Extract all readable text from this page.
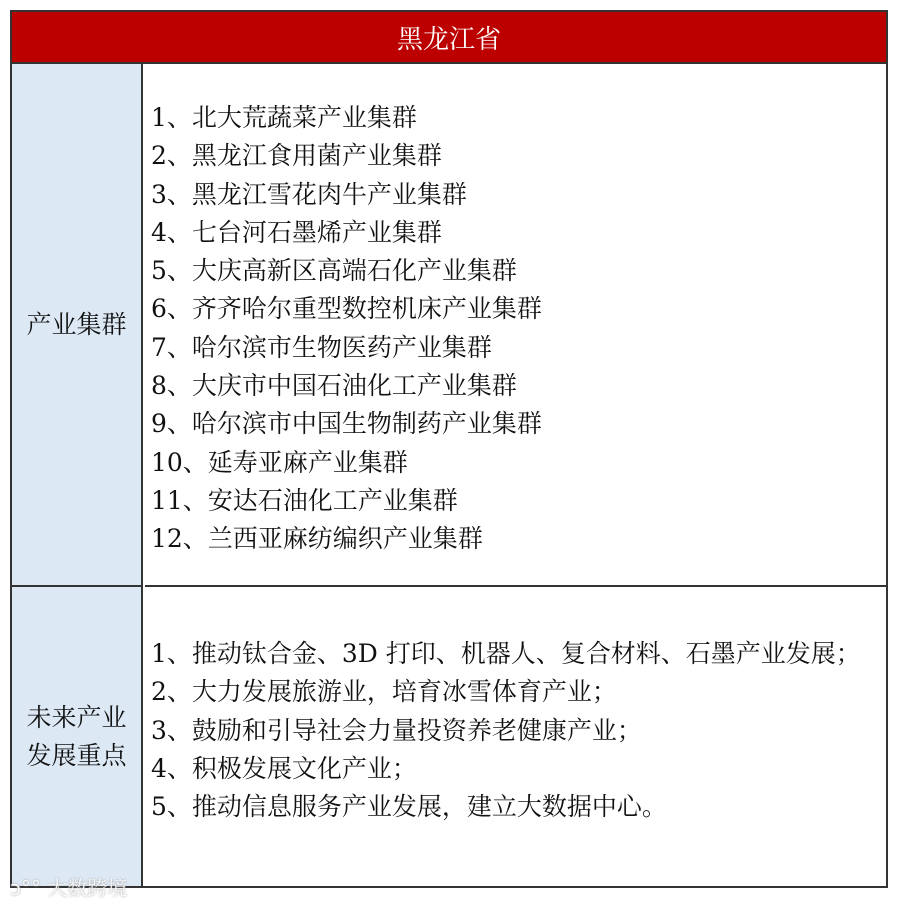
黑龙江省
产业集群
1、北大荒蔬菜产业集群
2、黑龙江食用菌产业集群
3、黑龙江雪花肉牛产业集群
4、七台河石墨烯产业集群
5、大庆高新区高端石化产业集群
6、齐齐哈尔重型数控机床产业集群
7、哈尔滨市生物医药产业集群
8、大庆市中国石油化工产业集群
9、哈尔滨市中国生物制药产业集群
10、延寿亚麻产业集群
11、安达石油化工产业集群
12、兰西亚麻纺编织产业集群
未来产业发展重点
1、推动钛合金、3D 打印、机器人、复合材料、石墨产业发展；
2、大力发展旅游业，培育冰雪体育产业；
3、鼓励和引导社会力量投资养老健康产业；
4、积极发展文化产业；
5、推动信息服务产业发展，建立大数据中心。
ↄ°° 大数跨境
